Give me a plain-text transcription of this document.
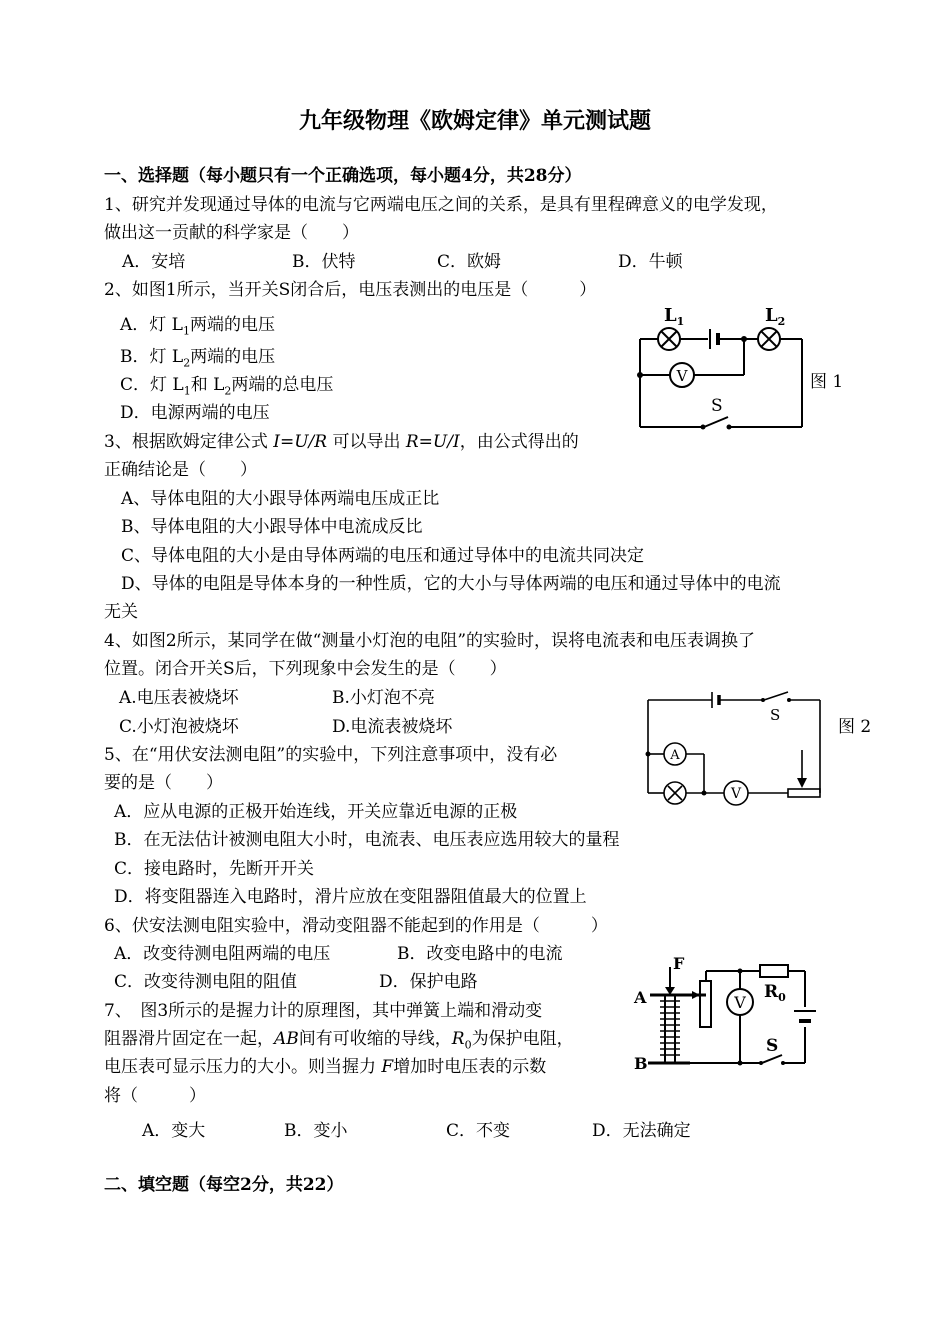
九年级物理《欧姆定律》单元测试题
一、选择题（每小题只有一个正确选项，每小题4分，共28分）
1、研究并发现通过导体的电流与它两端电压之间的关系，是具有里程碑意义的电学发现，
做出这一贡献的科学家是（　　）
A．安培	B．伏特	C．欧姆	D．牛顿
2、如图1所示，当开关S闭合后，电压表测出的电压是（　　　）
A．灯 $L_1$两端的电压
B．灯 $L_2$两端的电压
C．灯 $L_1$和 $L_2$两端的总电压
D．电源两端的电压
V
$L_1$	$L_2$
S
图 1
3、根据欧姆定律公式 I=U/R 可以导出 R=U/I，由公式得出的
正确结论是（　　）
A、导体电阻的大小跟导体两端电压成正比
B、导体电阻的大小跟导体中电流成反比
C、导体电阻的大小是由导体两端的电压和通过导体中的电流共同决定
D、导体的电阻是导体本身的一种性质，它的大小与导体两端的电压和通过导体中的电流
无关
4、如图2所示，某同学在做“测量小灯泡的电阻”的实验时，误将电流表和电压表调换了
位置。闭合开关S后，下列现象中会发生的是（　　）
A.电压表被烧坏	B.小灯泡不亮
C.小灯泡被烧坏	D.电流表被烧坏
A
V
S
图 2
5、在“用伏安法测电阻”的实验中，下列注意事项中，没有必
要的是（　　）
A．应从电源的正极开始连线，开关应靠近电源的正极
B．在无法估计被测电阻大小时，电流表、电压表应选用较大的量程
C．接电路时，先断开开关
D．将变阻器连入电路时，滑片应放在变阻器阻值最大的位置上
6、伏安法测电阻实验中，滑动变阻器不能起到的作用是（　　　）
A．改变待测电阻两端的电压	B．改变电路中的电流
C．改变待测电阻的阻值	D．保护电路
7、　图3所示的是握力计的原理图，其中弹簧上端和滑动变
阻器滑片固定在一起，AB间有可收缩的导线，$R_0$为保护电阻，
电压表可显示压力的大小。则当握力 F增加时电压表的示数
将（　　　）
A．变大	B．变小	C．不变	D．无法确定
F
A
B
V
$R_0$
S
二、填空题（每空2分，共22）
